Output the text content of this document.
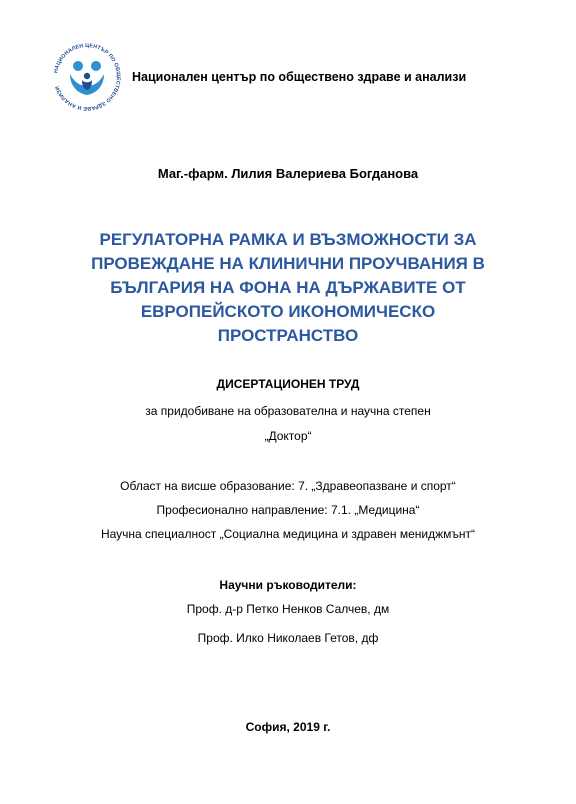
НАЦИОНАЛЕН ЦЕНТЪР ПО ОБЩЕСТВЕНО ЗДРАВЕ И АНАЛИЗИ
Национален център по обществено здраве и анализи
Маг.-фарм. Лилия Валериева Богданова
РЕГУЛАТОРНА РАМКА И ВЪЗМОЖНОСТИ ЗА
ПРОВЕЖДАНЕ НА КЛИНИЧНИ ПРОУЧВАНИЯ В
БЪЛГАРИЯ НА ФОНА НА ДЪРЖАВИТЕ ОТ
ЕВРОПЕЙСКОТО ИКОНОМИЧЕСКО
ПРОСТРАНСТВО
ДИСЕРТАЦИОНЕН ТРУД
за придобиване на образователна и научна степен
„Доктор“
Област на висше образование: 7. „Здравеопазване и спорт“
Професионално направление: 7.1. „Медицина“
Научна специалност „Социална медицина и здравен мениджмънт“
Научни ръководители:
Проф. д-р Петко Ненков Салчев, дм
Проф. Илко Николаев Гетов, дф
София, 2019 г.
